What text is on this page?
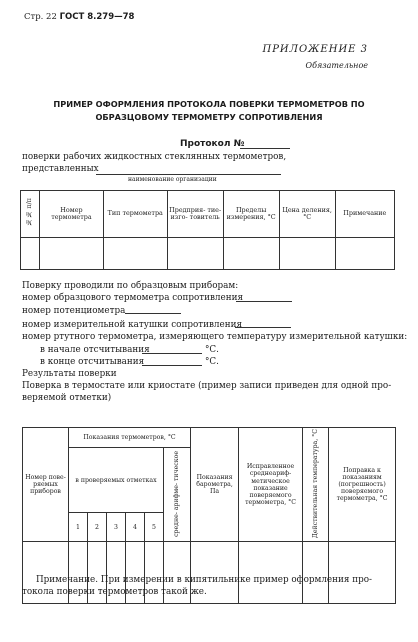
Стр. 22 ГОСТ 8.279—78
ПРИЛОЖЕНИЕ 3
Обязательное
ПРИМЕР ОФОРМЛЕНИЯ ПРОТОКОЛА ПОВЕРКИ ТЕРМОМЕТРОВ ПО
ОБРАЗЦОВОМУ ТЕРМОМЕТРУ СОПРОТИВЛЕНИЯ
Протокол №
поверки рабочих жидкостных стеклянных термометров,
представленных
наименование организации
№№ п/п	Номер термометра	Тип термометра	Предприя- тие-изго- товитель	Пределы измерения, °С	Цена деления, °С	Примечание

Поверку проводили по образцовым приборам:
номер образцового термометра сопротивления
номер потенциометра
номер измерительной катушки сопротивления
номер ртутного термометра, измеряющего температуру измерительной катушки:
в начале отсчитывания	°С.
в конце отсчитывания	°С.
Результаты поверки
Поверка в термостате или криостате (пример записи приведен для одной про-
веряемой отметки)
Номер пове- ряемых приборов	Показания термометров, °С						Показания барометра, Па	Исправленное среднеариф- метическое показание поверяемого термометра, °С	Действительная температура, °С	Поправка к показаниям (погрешность) поверяемого термометра, °С
	в проверяемых отметках					средне- арифме- тическое				
	1	2	3	4	5					

Примечание. При измерении в кипятильнике пример оформления про-
токола поверки термометров такой же.
